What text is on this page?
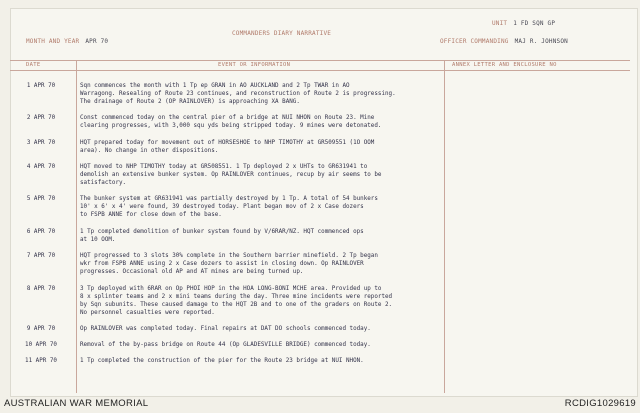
MONTH AND YEAR APR 70
COMMANDERS DIARY NARRATIVE
UNIT 1 FD SQN GP
OFFICER COMMANDING MAJ R. JOHNSON
DATE	EVENT OR INFORMATION	ANNEX LETTER AND ENCLOSURE NO
1 APR 70	Sqn commences the month with 1 Tp ep GRAN in AO AUCKLAND and 2 Tp TWAR in AO
Warragong. Resealing of Route 23 continues, and reconstruction of Route 2 is progressing.
The drainage of Route 2 (OP RAINLOVER) is approaching XA BANG.
2 APR 70	Const commenced today on the central pier of a bridge at NUI NHON on Route 23. Mine
clearing progresses, with 3,000 squ yds being stripped today. 9 mines were detonated.
3 APR 70	HQT prepared today for movement out of HORSESHOE to NHP TIMOTHY at GR509551 (1O OOM
area). No change in other dispositions.
4 APR 70	HQT moved to NHP TIMOTHY today at GR508551. 1 Tp deployed 2 x UHTs to GR631941 to
demolish an extensive bunker system. Op RAINLOVER continues, recup by air seems to be
satisfactory.
5 APR 70	The bunker system at GR631941 was partially destroyed by 1 Tp. A total of 54 bunkers
10' x 6' x 4' were found, 39 destroyed today. Plant began mov of 2 x Case dozers
to FSPB ANNE for close down of the base.
6 APR 70	1 Tp completed demolition of bunker system found by V/6RAR/NZ. HQT commenced ops
at 10 OOM.
7 APR 70	HQT progressed to 3 slots 30% complete in the Southern barrier minefield. 2 Tp began
wkr from FSPB ANNE using 2 x Case dozers to assist in closing down. Op RAINLOVER
progresses. Occasional old AP and AT mines are being turned up.
8 APR 70	3 Tp deployed with 6RAR on Op PHOI HOP in the HOA LONG-BONI MCHE area. Provided up to
8 x splinter teams and 2 x mini teams during the day. Three mine incidents were reported
by Sqn subunits. These caused damage to the HQT 2B and to one of the graders on Route 2.
No personnel casualties were reported.
9 APR 70	Op RAINLOVER was completed today. Final repairs at DAT DO schools commenced today.
10 APR 70	Removal of the by-pass bridge on Route 44 (Op GLADESVILLE BRIDGE) commenced today.
11 APR 70	1 Tp completed the construction of the pier for the Route 23 bridge at NUI NHON.
AUSTRALIAN WAR MEMORIAL	RCDIG1029619
